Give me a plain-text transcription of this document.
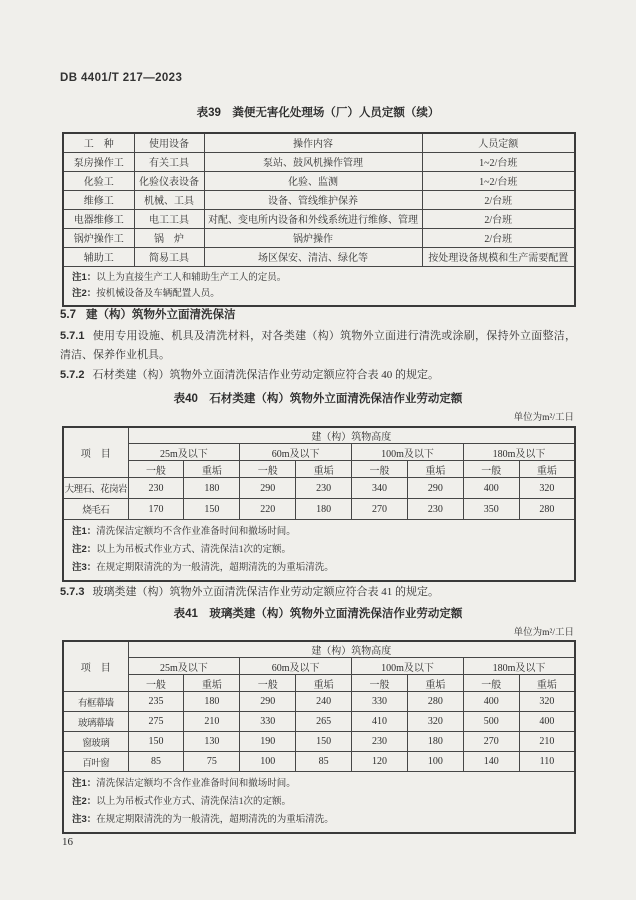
DB 4401/T 217—2023
表39　粪便无害化处理场（厂）人员定额（续）
工　种	使用设备	操作内容	人员定额
泵房操作工	有关工具	泵站、鼓风机操作管理	1~2/台班
化验工	化验仪表设备	化验、监测	1~2/台班
维修工	机械、工具	设备、管线维护保养	2/台班
电器维修工	电工工具	对配、变电所内设备和外线系统进行维修、管理	2/台班
锅炉操作工	锅　炉	锅炉操作	2/台班
辅助工	简易工具	场区保安、清洁、绿化等	按处理设备规模和生产需要配置

注1：以上为直接生产工人和辅助生产工人的定员。
注2：按机械设备及车辆配置人员。			
5.7 建（构）筑物外立面清洗保洁
5.7.1 使用专用设施、机具及清洗材料，对各类建（构）筑物外立面进行清洗或涂刷，保持外立面整洁，清洁、保养作业机具。
5.7.2 石材类建（构）筑物外立面清洗保洁作业劳动定额应符合表 40 的规定。
表40　石材类建（构）筑物外立面清洗保洁作业劳动定额
单位为m²/工日
项　目	建（构）筑物高度							
	25m及以下		60m及以下		100m及以下		180m及以下	
	一般	重垢	一般	重垢	一般	重垢	一般	重垢
大理石、花岗岩	230	180	290	230	340	290	400	320
烧毛石	170	150	220	180	270	230	350	280

注1：清洗保洁定额均不含作业准备时间和撤场时间。
注2：以上为吊板式作业方式、清洗保洁1次的定额。
注3：在规定期限清洗的为一般清洗，超期清洗的为重垢清洗。								
5.7.3 玻璃类建（构）筑物外立面清洗保洁作业劳动定额应符合表 41 的规定。
表41　玻璃类建（构）筑物外立面清洗保洁作业劳动定额
单位为m²/工日
项　目	建（构）筑物高度							
	25m及以下		60m及以下		100m及以下		180m及以下	
	一般	重垢	一般	重垢	一般	重垢	一般	重垢
有框幕墙	235	180	290	240	330	280	400	320
玻璃幕墙	275	210	330	265	410	320	500	400
窗玻璃	150	130	190	150	230	180	270	210
百叶窗	85	75	100	85	120	100	140	110

注1：清洗保洁定额均不含作业准备时间和撤场时间。
注2：以上为吊板式作业方式、清洗保洁1次的定额。
注3：在规定期限清洗的为一般清洗，超期清洗的为重垢清洗。								
16
